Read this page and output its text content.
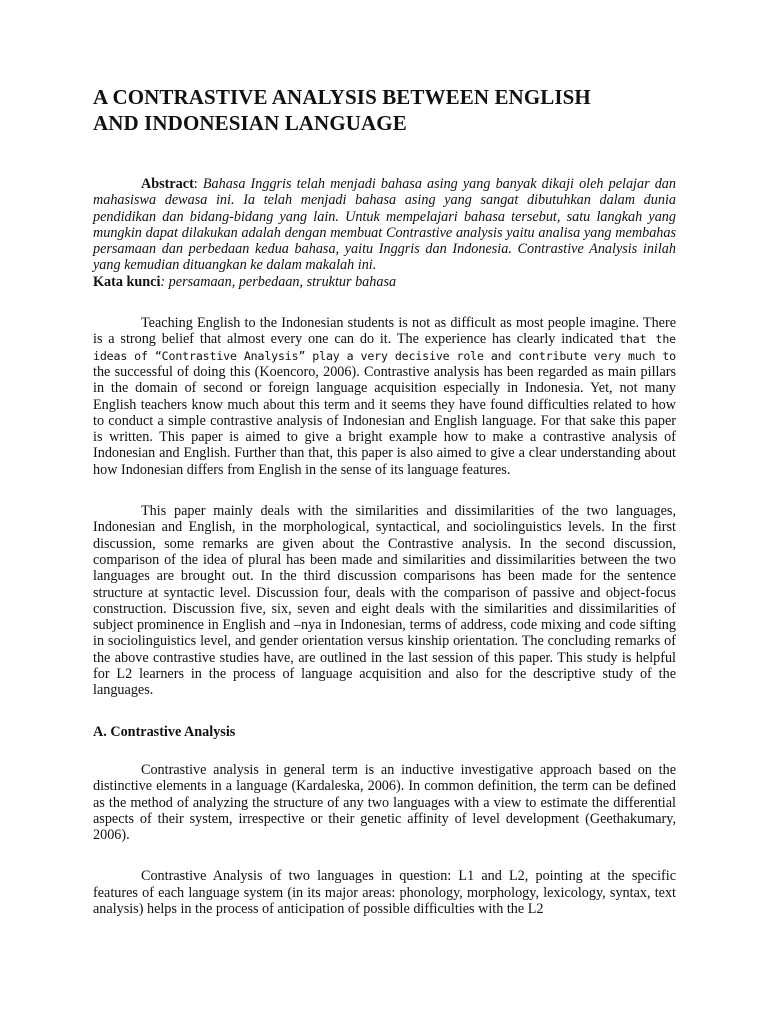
A CONTRASTIVE ANALYSIS BETWEEN ENGLISH
AND INDONESIAN LANGUAGE

Abstract: Bahasa Inggris telah menjadi bahasa asing yang banyak dikaji oleh pelajar dan mahasiswa dewasa ini. Ia telah menjadi bahasa asing yang sangat dibutuhkan dalam dunia pendidikan dan bidang-bidang yang lain. Untuk mempelajari bahasa tersebut, satu langkah yang mungkin dapat dilakukan adalah dengan membuat Contrastive analysis yaitu analisa yang membahas persamaan dan perbedaan kedua bahasa, yaitu Inggris dan Indonesia. Contrastive Analysis inilah yang kemudian dituangkan ke dalam makalah ini.
Kata kunci: persamaan, perbedaan, struktur bahasa

Teaching English to the Indonesian students is not as difficult as most people imagine. There is a strong belief that almost every one can do it. The experience has clearly indicated that the ideas of “Contrastive Analysis” play a very decisive role and contribute very much to the successful of doing this (Koencoro, 2006). Contrastive analysis has been regarded as main pillars in the domain of second or foreign language acquisition especially in Indonesia. Yet, not many English teachers know much about this term and it seems they have found difficulties related to how to conduct a simple contrastive analysis of Indonesian and English language. For that sake this paper is written. This paper is aimed to give a bright example how to make a contrastive analysis of Indonesian and English. Further than that, this paper is also aimed to give a clear understanding about how Indonesian differs from English in the sense of its language features.

This paper mainly deals with the similarities and dissimilarities of the two languages, Indonesian and English, in the morphological, syntactical, and sociolinguistics levels. In the first discussion, some remarks are given about the Contrastive analysis. In the second discussion, comparison of the idea of plural has been made and similarities and dissimilarities between the two languages are brought out. In the third discussion comparisons has been made for the sentence structure at syntactic level. Discussion four, deals with the comparison of passive and object-focus construction. Discussion five, six, seven and eight deals with the similarities and dissimilarities of subject prominence in English and –nya in Indonesian, terms of address, code mixing and code sifting in sociolinguistics level, and gender orientation versus kinship orientation. The concluding remarks of the above contrastive studies have, are outlined in the last session of this paper. This study is helpful for L2 learners in the process of language acquisition and also for the descriptive study of the languages.

A. Contrastive Analysis

Contrastive analysis in general term is an inductive investigative approach based on the distinctive elements in a language (Kardaleska, 2006). In common definition, the term can be defined as the method of analyzing the structure of any two languages with a view to estimate the differential aspects of their system, irrespective or their genetic affinity of level development (Geethakumary, 2006).

Contrastive Analysis of two languages in question: L1 and L2, pointing at the specific features of each language system (in its major areas: phonology, morphology, lexicology, syntax, text analysis) helps in the process of anticipation of possible difficulties with the L2
